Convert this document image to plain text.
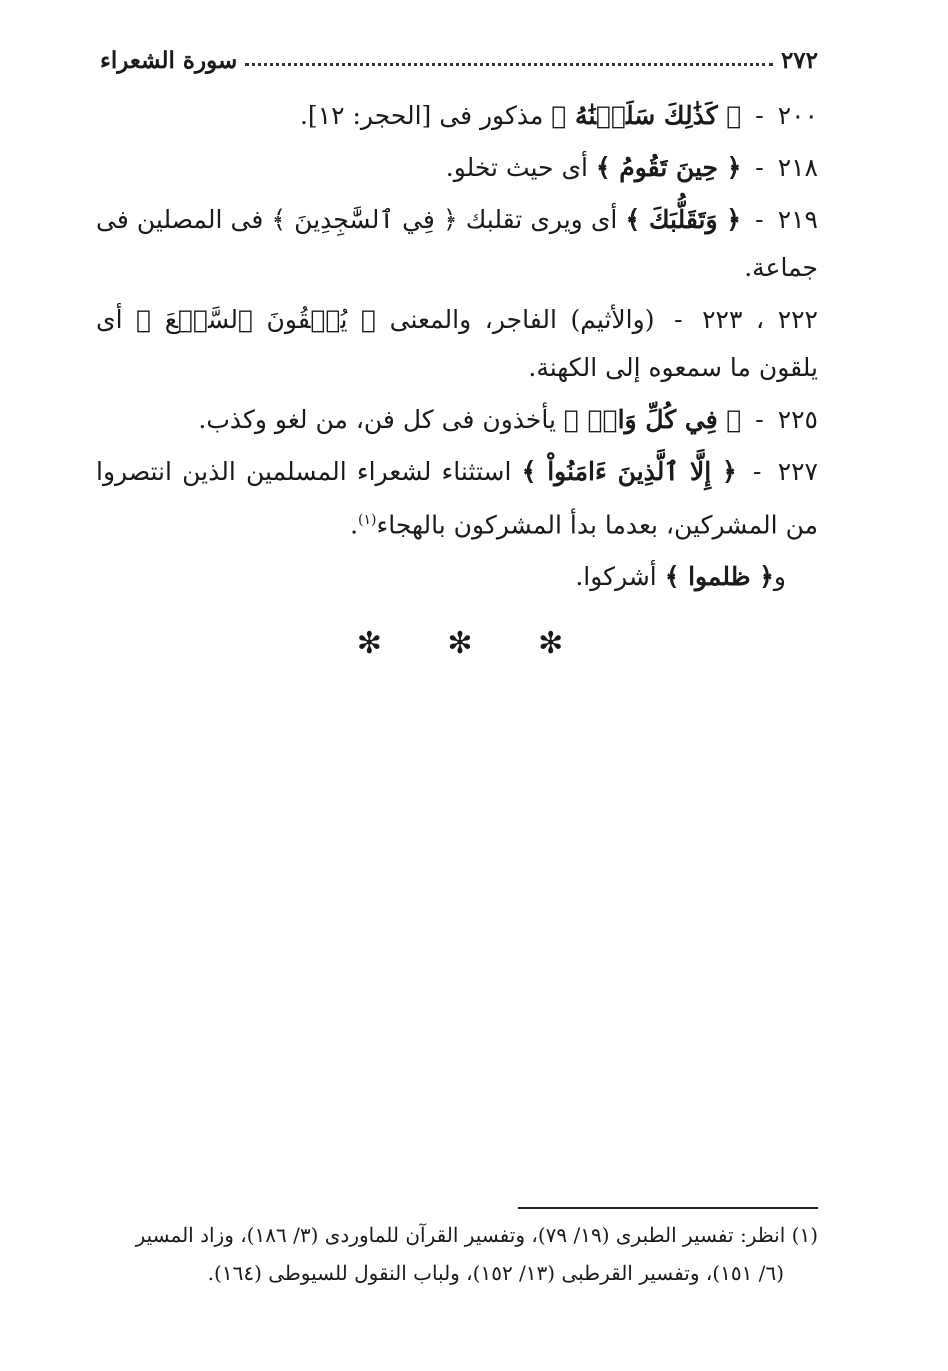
٢٧٢
سورة الشعراء

٢٠٠ - ﴿ كَذَٰلِكَ سَلَكۡنَٰهُ ﴾ مذكور فى [الحجر: ١٢].

٢١٨ - ﴿ حِينَ تَقُومُ ﴾ أى حيث تخلو.

٢١٩ - ﴿ وَتَقَلُّبَكَ ﴾ أى ويرى تقلبك ﴿ فِي ٱلسَّٰجِدِينَ ﴾ فى المصلين فى جماعة.

٢٢٢ ، ٢٢٣ - (والأثيم) الفاجر، والمعنى ﴿ يُلۡقُونَ ٱلسَّمۡعَ ﴾ أى يلقون ما سمعوه إلى الكهنة.

٢٢٥ - ﴿ فِي كُلِّ وَادٖ ﴾ يأخذون فى كل فن، من لغو وكذب.

٢٢٧ - ﴿ إِلَّا ٱلَّذِينَ ءَامَنُواْ ﴾ استثناء لشعراء المسلمين الذين انتصروا من المشركين، بعدما بدأ المشركون بالهجاء$^{(١)}$.

و﴿ ظلموا ﴾ أشركوا.

✻ ✻ ✻
(١) انظر: تفسير الطبرى (١٩/ ٧٩)، وتفسير القرآن للماوردى (٣/ ١٨٦)، وزاد المسير
(٦/ ١٥١)، وتفسير القرطبى (١٣/ ١٥٢)، ولباب النقول للسيوطى (١٦٤).
